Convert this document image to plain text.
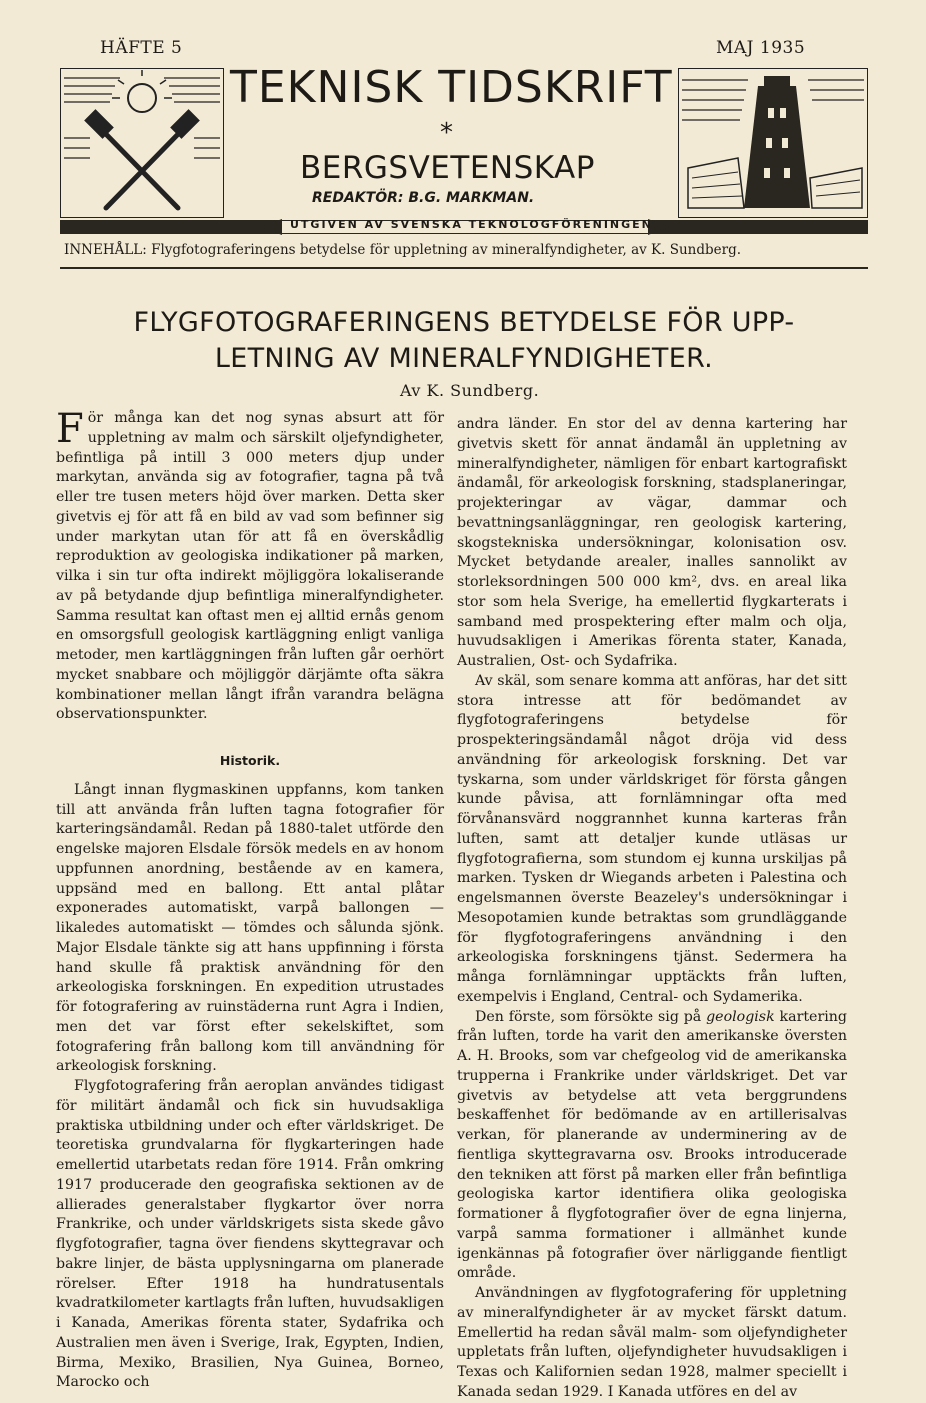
HÄFTE 5	MAJ 1935
TEKNISK TIDSKRIFT
*
BERGSVETENSKAP
REDAKTÖR: B.G. MARKMAN.
UTGIVEN AV SVENSKA TEKNOLOGFÖRENINGEN
INNEHÅLL: Flygfotograferingens betydelse för uppletning av mineralfyndigheter, av K. Sundberg.
FLYGFOTOGRAFERINGENS BETYDELSE FÖR UPP-
LETNING AV MINERALFYNDIGHETER.
Av K. Sundberg.

För många kan det nog synas absurt att för uppletning av malm och särskilt oljefyndigheter, befintliga på intill 3 000 meters djup under markytan, använda sig av fotografier, tagna på två eller tre tusen meters höjd över marken. Detta sker givetvis ej för att få en bild av vad som befinner sig under markytan utan för att få en överskådlig reproduktion av geologiska indikationer på marken, vilka i sin tur ofta indirekt möjliggöra lokaliserande av på betydande djup befintliga mineralfyndigheter. Samma resultat kan oftast men ej alltid ernås genom en omsorgsfull geologisk kartläggning enligt vanliga metoder, men kartläggningen från luften går oerhört mycket snabbare och möjliggör därjämte ofta säkra kombinationer mellan långt ifrån varandra belägna observationspunkter.

Historik.

Långt innan flygmaskinen uppfanns, kom tanken till att använda från luften tagna fotografier för karteringsändamål. Redan på 1880-talet utförde den engelske majoren Elsdale försök medels en av honom uppfunnen anordning, bestående av en kamera, uppsänd med en ballong. Ett antal plåtar exponerades automatiskt, varpå ballongen — likaledes automatiskt — tömdes och sålunda sjönk. Major Elsdale tänkte sig att hans uppfinning i första hand skulle få praktisk användning för den arkeologiska forskningen. En expedition utrustades för fotografering av ruinstäderna runt Agra i Indien, men det var först efter sekelskiftet, som fotografering från ballong kom till användning för arkeologisk forskning.

Flygfotografering från aeroplan användes tidigast för militärt ändamål och fick sin huvudsakliga praktiska utbildning under och efter världskriget. De teoretiska grundvalarna för flygkarteringen hade emellertid utarbetats redan före 1914. Från omkring 1917 producerade den geografiska sektionen av de allierades generalstaber flygkartor över norra Frankrike, och under världskrigets sista skede gåvo flygfotografier, tagna över fiendens skyttegravar och bakre linjer, de bästa upplysningarna om planerade rörelser. Efter 1918 ha hundratusentals kvadratkilometer kartlagts från luften, huvudsakligen i Kanada, Amerikas förenta stater, Sydafrika och Australien men även i Sverige, Irak, Egypten, Indien, Birma, Mexiko, Brasilien, Nya Guinea, Borneo, Marocko och

andra länder. En stor del av denna kartering har givetvis skett för annat ändamål än uppletning av mineralfyndigheter, nämligen för enbart kartografiskt ändamål, för arkeologisk forskning, stadsplaneringar, projekteringar av vägar, dammar och bevattningsanläggningar, ren geologisk kartering, skogstekniska undersökningar, kolonisation osv. Mycket betydande arealer, inalles sannolikt av storleksordningen 500 000 km², dvs. en areal lika stor som hela Sverige, ha emellertid flygkarterats i samband med prospektering efter malm och olja, huvudsakligen i Amerikas förenta stater, Kanada, Australien, Ost- och Sydafrika.

Av skäl, som senare komma att anföras, har det sitt stora intresse att för bedömandet av flygfotograferingens betydelse för prospekteringsändamål något dröja vid dess användning för arkeologisk forskning. Det var tyskarna, som under världskriget för första gången kunde påvisa, att fornlämningar ofta med förvånansvärd noggrannhet kunna karteras från luften, samt att detaljer kunde utläsas ur flygfotografierna, som stundom ej kunna urskiljas på marken. Tysken dr Wiegands arbeten i Palestina och engelsmannen överste Beazeley's undersökningar i Mesopotamien kunde betraktas som grundläggande för flygfotograferingens användning i den arkeologiska forskningens tjänst. Sedermera ha många fornlämningar upptäckts från luften, exempelvis i England, Central- och Sydamerika.

Den förste, som försökte sig på geologisk kartering från luften, torde ha varit den amerikanske översten A. H. Brooks, som var chefgeolog vid de amerikanska trupperna i Frankrike under världskriget. Det var givetvis av betydelse att veta berggrundens beskaffenhet för bedömande av en artillerisalvas verkan, för planerande av underminering av de fientliga skyttegravarna osv. Brooks introducerade den tekniken att först på marken eller från befintliga geologiska kartor identifiera olika geologiska formationer å flygfotografier över de egna linjerna, varpå samma formationer i allmänhet kunde igenkännas på fotografier över närliggande fientligt område.

Användningen av flygfotografering för uppletning av mineralfyndigheter är av mycket färskt datum. Emellertid ha redan såväl malm- som oljefyndigheter uppletats från luften, oljefyndigheter huvudsakligen i Texas och Kalifornien sedan 1928, malmer speciellt i Kanada sedan 1929. I Kanada utföres en del av
